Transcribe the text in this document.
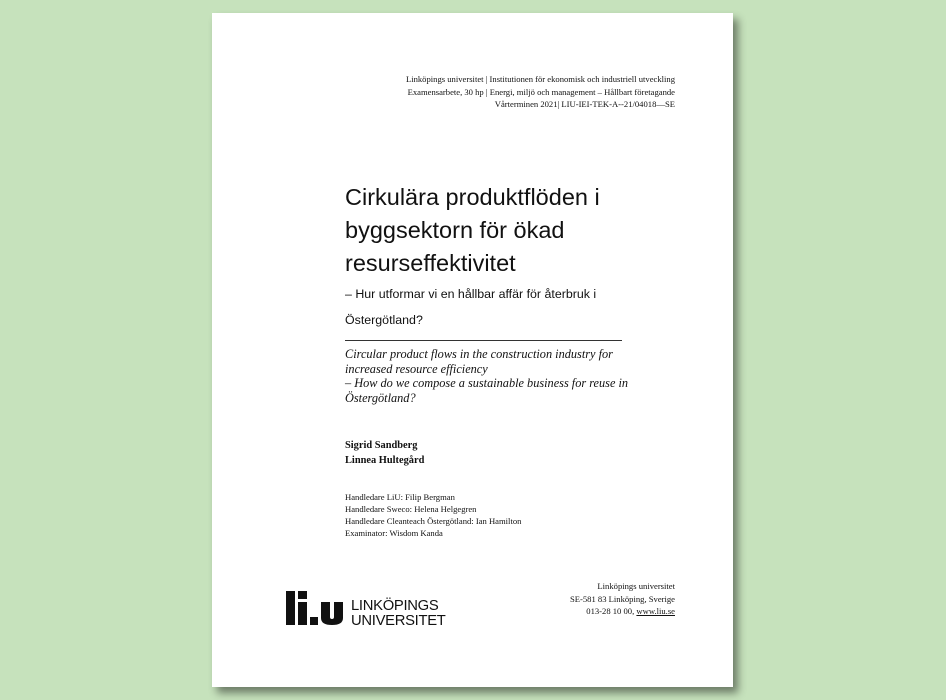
Linköpings universitet | Institutionen för ekonomisk och industriell utveckling
Examensarbete, 30 hp | Energi, miljö och management – Hållbart företagande
Vårterminen 2021| LIU-IEI-TEK-A--21/04018—SE
Cirkulära produktflöden i
byggsektorn för ökad
resurseffektivitet
– Hur utformar vi en hållbar affär för återbruk i
Östergötland?
Circular product flows in the construction industry for
increased resource efficiency
– How do we compose a sustainable business for reuse in
Östergötland?
Sigrid Sandberg
Linnea Hultegård
Handledare LiU: Filip Bergman
Handledare Sweco: Helena Helgegren
Handledare Cleanteach Östergötland: Ian Hamilton
Examinator: Wisdom Kanda
LINKÖPINGS
UNIVERSITET
Linköpings universitet
SE-581 83 Linköping, Sverige
013-28 10 00, www.liu.se
